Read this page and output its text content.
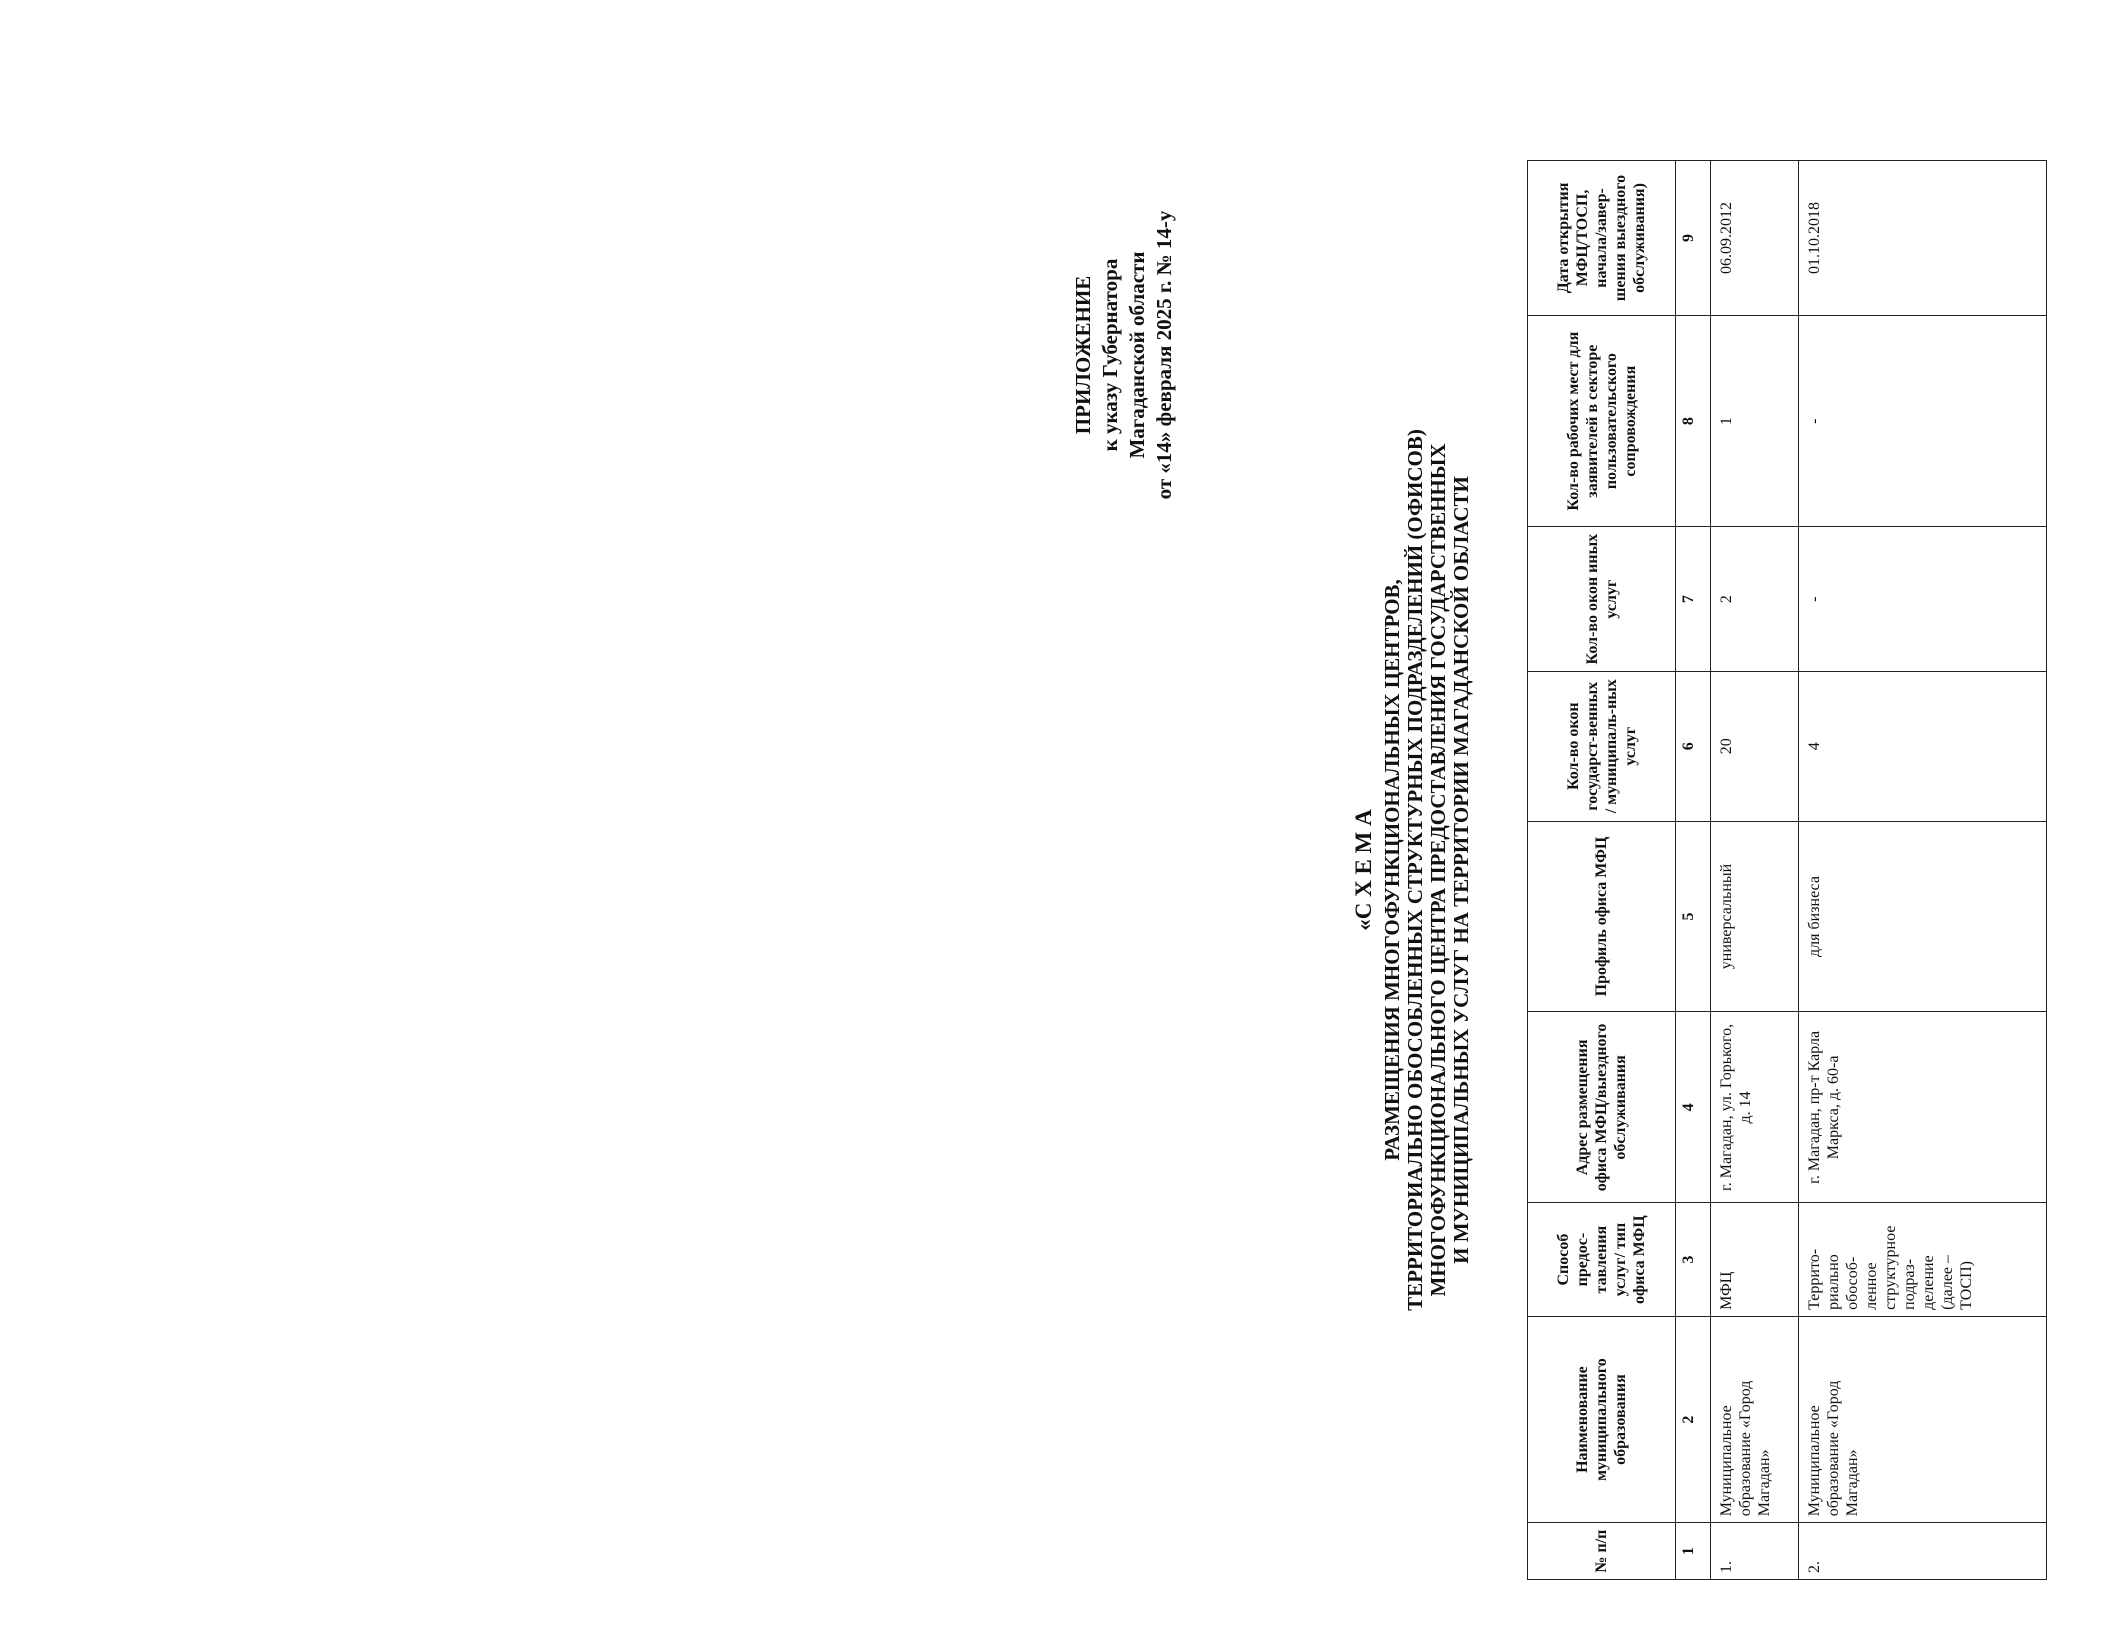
ПРИЛОЖЕНИЕ к указу Губернатора Магаданской области от «14» февраля 2025 г. № 14-у
«С Х Е М А РАЗМЕЩЕНИЯ МНОГОФУНКЦИОНАЛЬНЫХ ЦЕНТРОВ, ТЕРРИТОРИАЛЬНО ОБОСОБЛЕННЫХ СТРУКТУРНЫХ ПОДРАЗДЕЛЕНИЙ (ОФИСОВ) МНОГОФУНКЦИОНАЛЬНОГО ЦЕНТРА ПРЕДОСТАВЛЕНИЯ ГОСУДАРСТВЕННЫХ И МУНИЦИПАЛЬНЫХ УСЛУГ НА ТЕРРИТОРИИ МАГАДАНСКОЙ ОБЛАСТИ
№ п/п	Наименование муниципального образования	Способ предос-тавления услуг/ тип офиса МФЦ	Адрес размещения офиса МФЦ/выездного обслуживания	Профиль офиса МФЦ	Кол-во окон государст-венных / муниципаль-ных услуг	Кол-во окон иных услуг	Кол-во рабочих мест для заявителей в секторе пользовательского сопровождения	Дата открытия МФЦ/ТОСП, начала/завер-шения выездного обслуживания)
1	2	3	4	5	6	7	8	9
1.	Муниципальное образование «Город Магадан»	МФЦ	г. Магадан, ул. Горького, д. 14	универсальный	20	2	1	06.09.2012
2.	Муниципальное образование «Город Магадан»	Террито-риально обособ-ленное структурное подраз-деление (далее – ТОСП)	г. Магадан, пр-т Карла Маркса, д. 60-а	для бизнеса	4	-	-	01.10.2018
